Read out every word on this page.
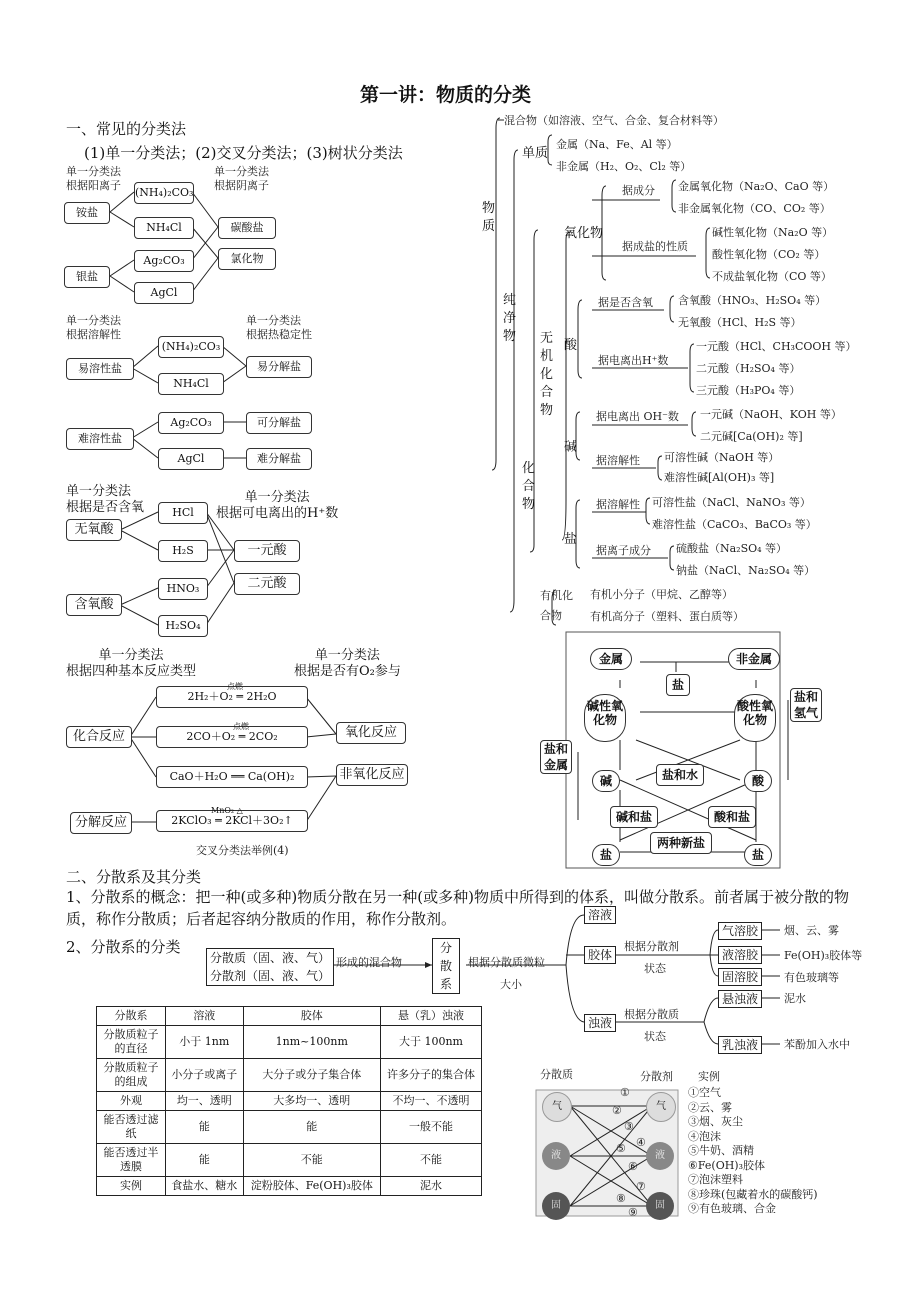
第一讲：物质的分类
一、常见的分类法
(1)单一分类法；(2)交叉分类法；(3)树状分类法
单一分类法
根据阳离子
单一分类法
根据阴离子
铵盐
银盐
(NH₄)₂CO₃
NH₄Cl
Ag₂CO₃
AgCl
碳酸盐
氯化物
单一分类法
根据溶解性
单一分类法
根据热稳定性
易溶性盐
难溶性盐
(NH₄)₂CO₃
NH₄Cl
Ag₂CO₃
AgCl
易分解盐
可分解盐
难分解盐
单一分类法
根据是否含氧
单一分类法
根据可电离出的H⁺数
无氧酸
含氧酸
HCl
H₂S
HNO₃
H₂SO₄
一元酸
二元酸
单一分类法
根据四种基本反应类型
单一分类法
根据是否有O₂参与
化合反应
分解反应
2H₂＋O₂ ═ 2H₂O
点燃
2CO＋O₂ ═ 2CO₂
点燃
CaO＋H₂O ══ Ca(OH)₂
2KClO₃ ═ 2KCl＋3O₂↑
MnO₂ △
氧化反应
非氧化反应
交叉分类法举例(4)
混合物（如溶液、空气、合金、复合材料等）
物质
纯净物
单质
金属（Na、Fe、Al 等）
非金属（H₂、O₂、Cl₂ 等）
化合物
无机化合物
氧化物
据成分 金属氧化物（Na₂O、CaO 等）
非金属氧化物（CO、CO₂ 等）
据成盐的性质
碱性氧化物（Na₂O 等）
酸性氧化物（CO₂ 等）
不成盐氧化物（CO 等）
酸
据是否含氧 含氧酸（HNO₃、H₂SO₄ 等）
无氧酸（HCl、H₂S 等）
据电离出H⁺数
一元酸（HCl、CH₃COOH 等）
二元酸（H₂SO₄ 等）
三元酸（H₃PO₄ 等）
碱
据电离出 OH⁻数 一元碱（NaOH、KOH 等）
二元碱[Ca(OH)₂ 等]
据溶解性 可溶性碱（NaOH 等）
难溶性碱[Al(OH)₃ 等]
盐
据溶解性 可溶性盐（NaCl、NaNO₃ 等）
难溶性盐（CaCO₃、BaCO₃ 等）
据离子成分 硫酸盐（Na₂SO₄ 等）
钠盐（NaCl、Na₂SO₄ 等）
有机化合物
有机小分子（甲烷、乙醇等）
有机高分子（塑料、蛋白质等）
金属	非金属
盐
碱性氧化物
酸性氧化物
盐和氢气
盐和金属
碱	盐和水	酸
碱和盐	酸和盐
盐
两种新盐
盐
二、分散系及其分类
1、分散系的概念：把一种(或多种)物质分散在另一种(或多种)物质中所得到的体系，叫做分散系。前者属于被分散的物质，称作分散质；后者起容纳分散质的作用，称作分散剂。
2、分散系的分类
分散质（固、液、气）
分散剂（固、液、气）
形成的混合物
分散系
根据分散质微粒
大小
溶液
胶体
浊液
根据分散剂
状态
气溶胶
液溶胶
固溶胶
烟、云、雾
Fe(OH)₃胶体等
有色玻璃等
根据分散质
状态
悬浊液
乳浊液
泥水
苯酚加入水中
分散系	溶液	胶体	悬（乳）浊液
分散质粒子的直径	小于 1nm	1nm~100nm	大于 100nm
分散质粒子的组成	小分子或离子	大分子或分子集合体	许多分子的集合体
外观	均一、透明	大多均一、透明	不均一、不透明
能否透过滤纸	能	能	一般不能
能否透过半透膜	能	不能	不能
实例	食盐水、糖水	淀粉胶体、Fe(OH)₃胶体	泥水
分散质	分散剂 实例
气
液
固
气
液
固
①
②
③
④
⑤
⑥
⑦
⑧
⑨
①空气
②云、雾
③烟、灰尘
④泡沫
⑤牛奶、酒精
⑥Fe(OH)₃胶体
⑦泡沫塑料
⑧珍珠(包藏着水的碳酸钙)
⑨有色玻璃、合金
